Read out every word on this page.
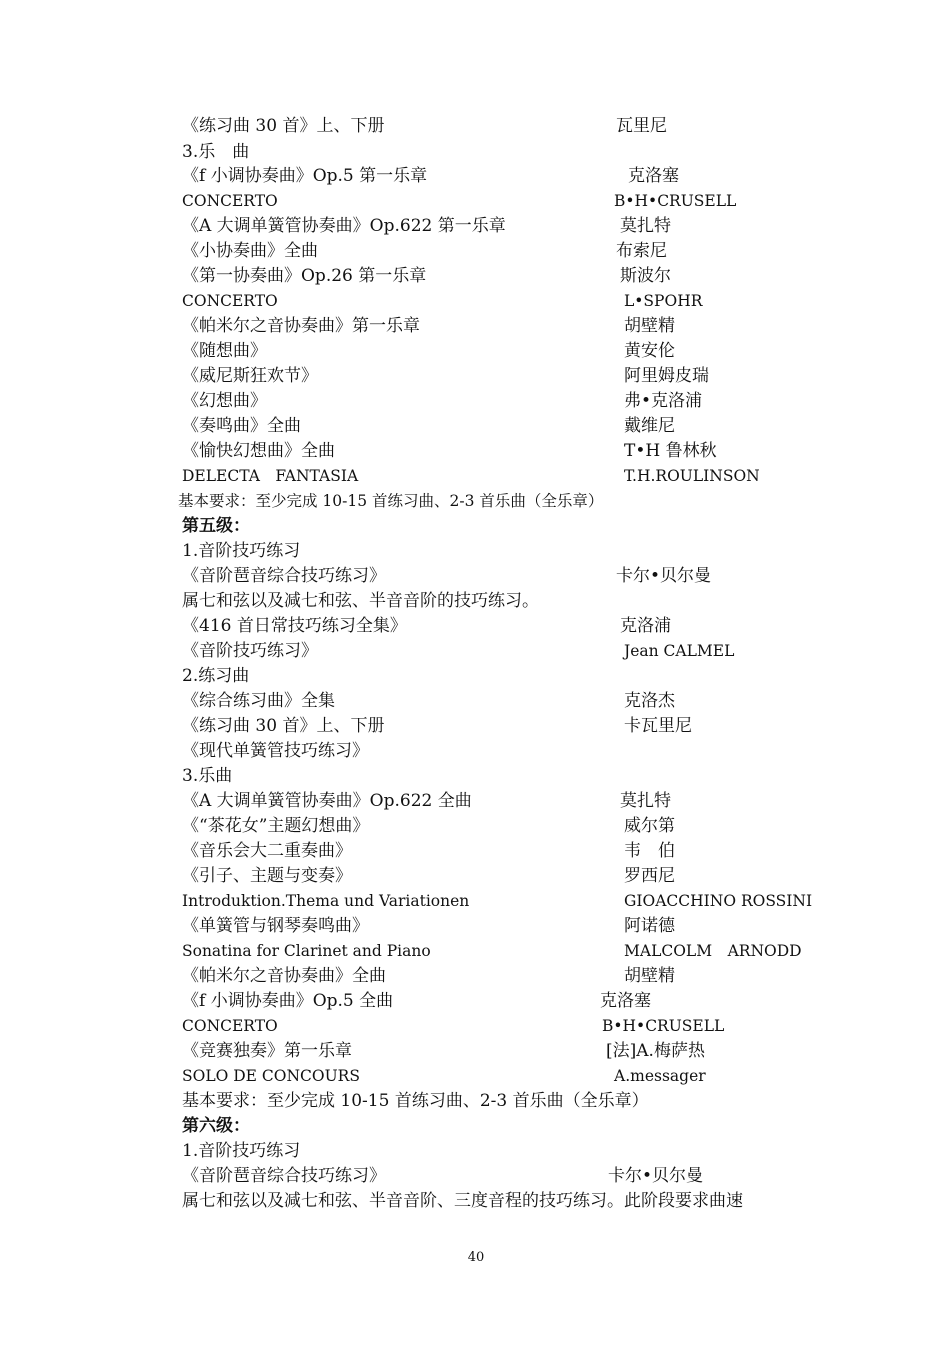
《练习曲 30 首》上、下册	瓦里尼
3.乐　曲
《f 小调协奏曲》Op.5 第一乐章	克洛塞
CONCERTO	B•H•CRUSELL
《A 大调单簧管协奏曲》Op.622 第一乐章	莫扎特
《小协奏曲》全曲	布索尼
《第一协奏曲》Op.26 第一乐章	斯波尔
CONCERTO	L•SPOHR
《帕米尔之音协奏曲》第一乐章	胡壁精
《随想曲》	黄安伦
《威尼斯狂欢节》	阿里姆皮瑞
《幻想曲》	弗•克洛浦
《奏鸣曲》全曲	戴维尼
《愉快幻想曲》全曲	T•H 鲁林秋
DELECTA　FANTASIA	T.H.ROULINSON
基本要求：至少完成 10-15 首练习曲、2-3 首乐曲（全乐章）
第五级：
1.音阶技巧练习
《音阶琶音综合技巧练习》	卡尔•贝尔曼
属七和弦以及减七和弦、半音音阶的技巧练习。
《416 首日常技巧练习全集》	克洛浦
《音阶技巧练习》	Jean CALMEL
2.练习曲
《综合练习曲》全集	克洛杰
《练习曲 30 首》上、下册	卡瓦里尼
《现代单簧管技巧练习》
3.乐曲
《A 大调单簧管协奏曲》Op.622 全曲	莫扎特
《“茶花女”主题幻想曲》	威尔第
《音乐会大二重奏曲》	韦　伯
《引子、主题与变奏》	罗西尼
Introduktion.Thema und Variationen	GIOACCHINO ROSSINI
《单簧管与钢琴奏鸣曲》	阿诺德
Sonatina for Clarinet and Piano	MALCOLM　ARNODD
《帕米尔之音协奏曲》全曲	胡壁精
《f 小调协奏曲》Op.5 全曲	克洛塞
CONCERTO	B•H•CRUSELL
《竞赛独奏》第一乐章	[法]A.梅萨热
SOLO DE CONCOURS	A.messager
基本要求：至少完成 10-15 首练习曲、2-3 首乐曲（全乐章）
第六级：
1.音阶技巧练习
《音阶琶音综合技巧练习》	卡尔•贝尔曼
属七和弦以及减七和弦、半音音阶、三度音程的技巧练习。此阶段要求曲速
40
